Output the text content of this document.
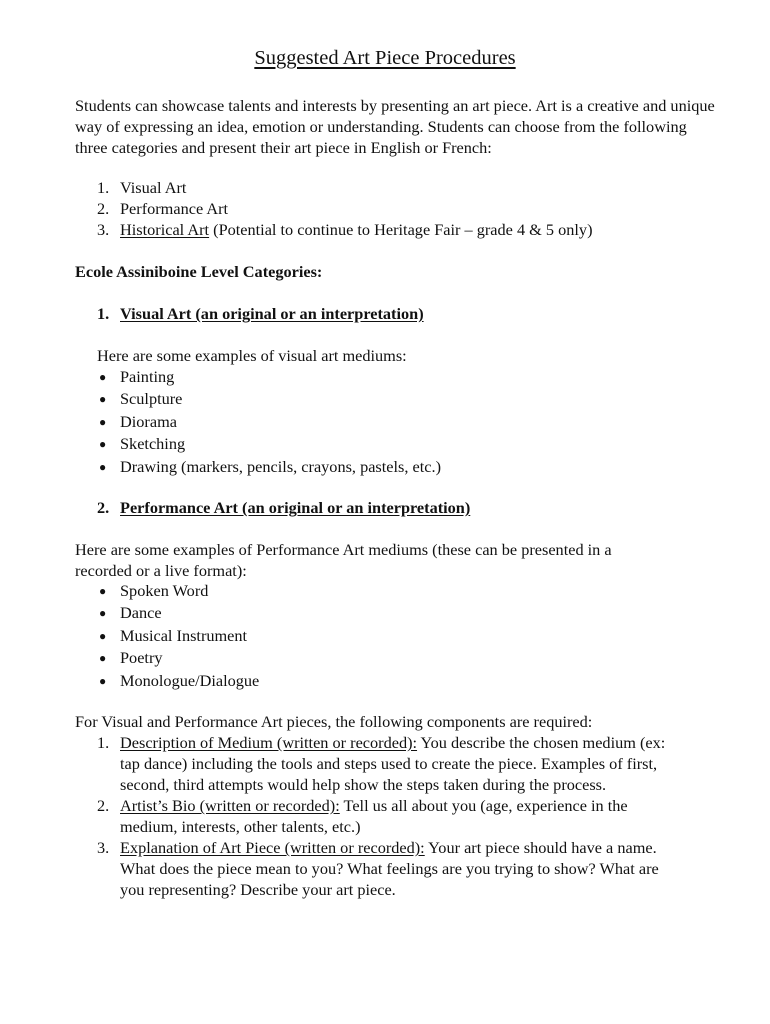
Suggested Art Piece Procedures

Students can showcase talents and interests by presenting an art piece. Art is a creative and unique way of expressing an idea, emotion or understanding. Students can choose from the following three categories and present their art piece in English or French:

1. Visual Art
2. Performance Art
3. Historical Art (Potential to continue to Heritage Fair – grade 4 & 5 only)
Ecole Assiniboine Level Categories:
1. Visual Art (an original or an interpretation)
Here are some examples of visual art mediums:
● Painting
● Sculpture
● Diorama
● Sketching
● Drawing (markers, pencils, crayons, pastels, etc.)
2. Performance Art (an original or an interpretation)
Here are some examples of Performance Art mediums (these can be presented in a recorded or a live format):
● Spoken Word
● Dance
● Musical Instrument
● Poetry
● Monologue/Dialogue
For Visual and Performance Art pieces, the following components are required:
1. Description of Medium (written or recorded): You describe the chosen medium (ex: tap dance) including the tools and steps used to create the piece. Examples of first, second, third attempts would help show the steps taken during the process.
2. Artist’s Bio (written or recorded): Tell us all about you (age, experience in the medium, interests, other talents, etc.)
3. Explanation of Art Piece (written or recorded): Your art piece should have a name. What does the piece mean to you? What feelings are you trying to show? What are you representing? Describe your art piece.
